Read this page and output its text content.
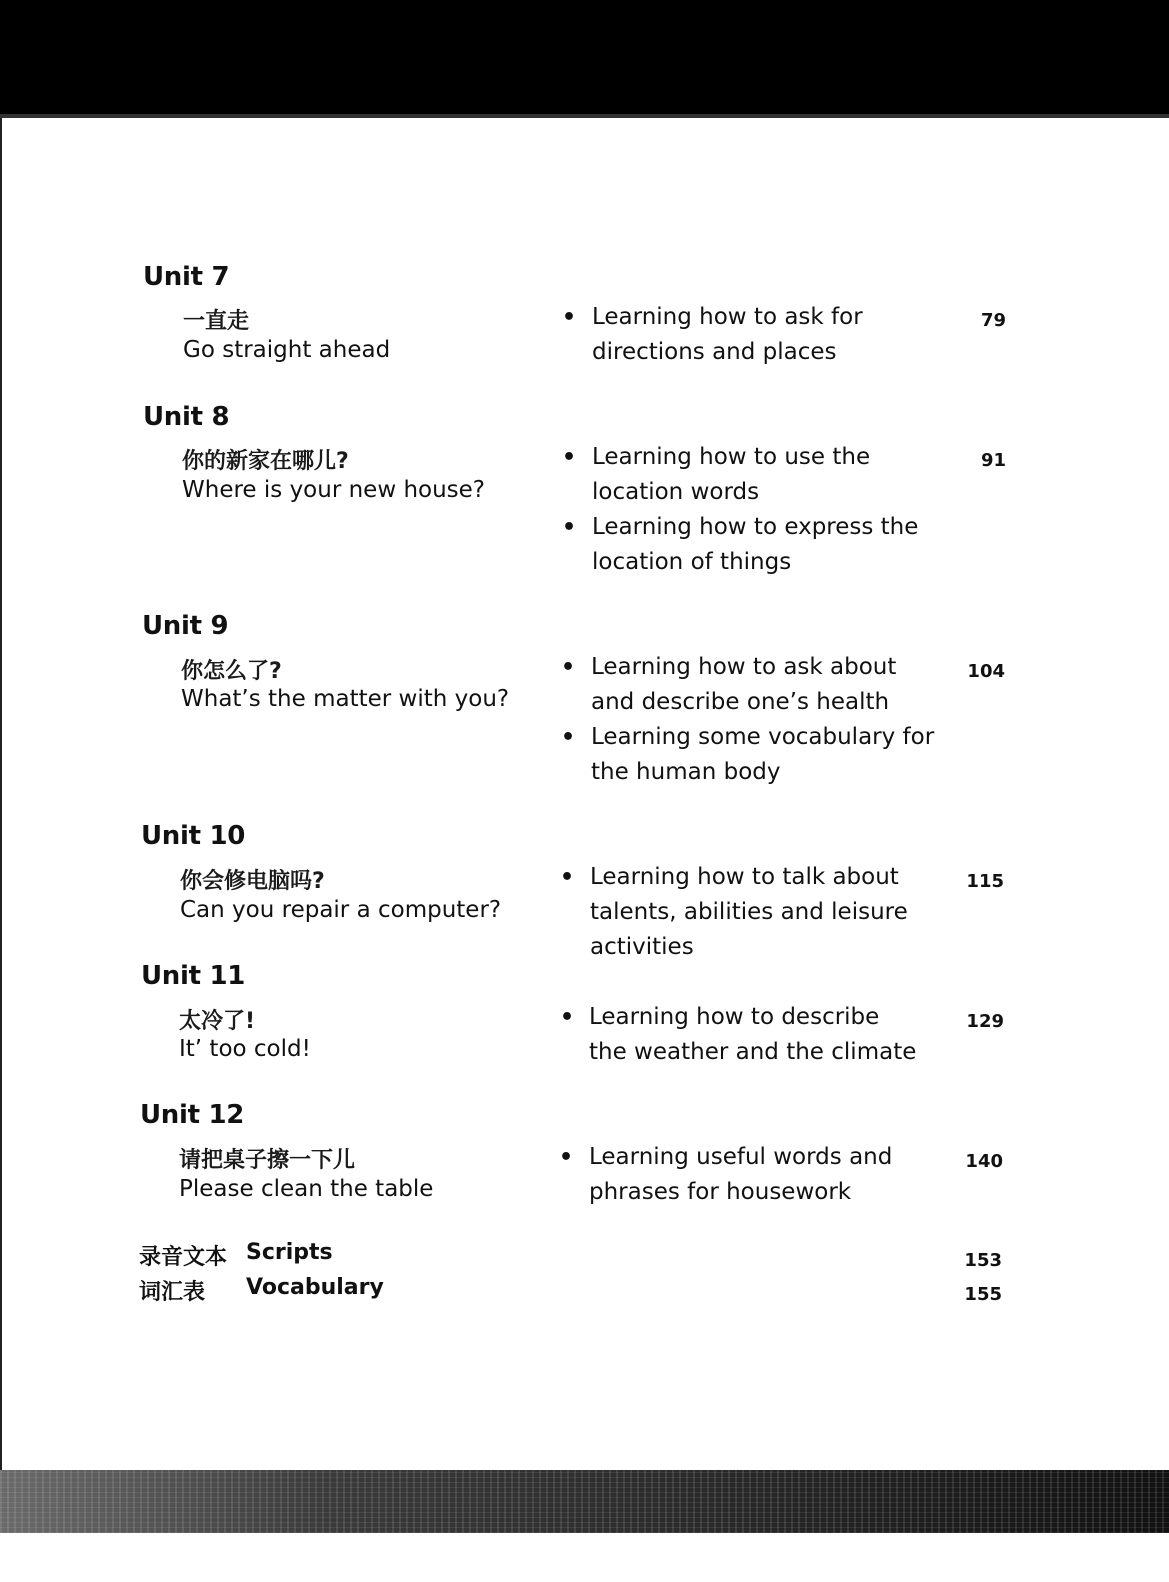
Unit 7
一直走
Go straight ahead
• Learning how to ask for directions and places
79
Unit 8
你的新家在哪儿?
Where is your new house?
• Learning how to use the location words
• Learning how to express the location of things
91
Unit 9
你怎么了?
What’s the matter with you?
• Learning how to ask about and describe one’s health
• Learning some vocabulary for the human body
104
Unit 10
你会修电脑吗?
Can you repair a computer?
• Learning how to talk about talents, abilities and leisure activities
115
Unit 11
太冷了!
It’ too cold!
• Learning how to describe the weather and the climate
129
Unit 12
请把桌子擦一下儿
Please clean the table
• Learning useful words and phrases for housework
140
录音文本 Scripts	153
词汇表 Vocabulary	155
